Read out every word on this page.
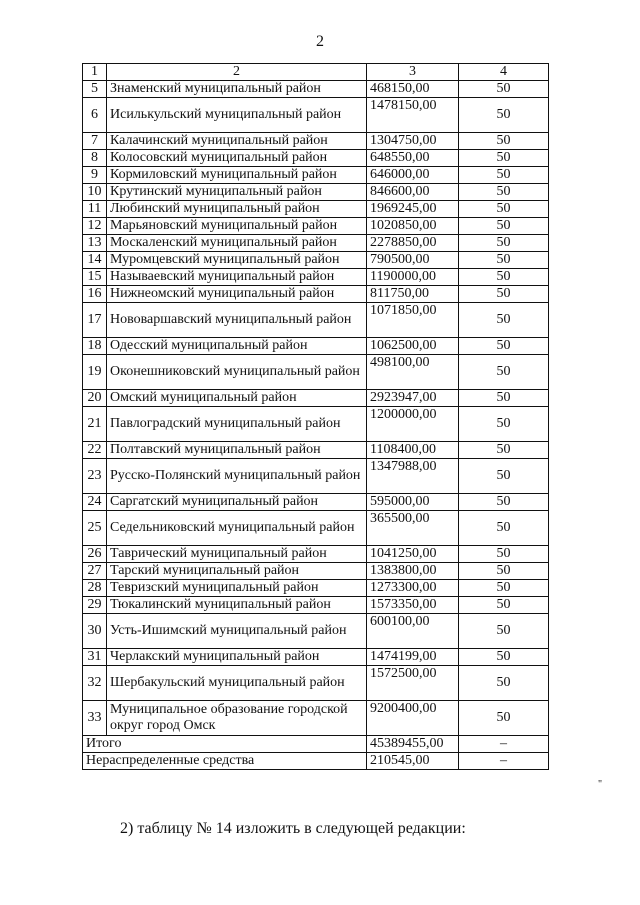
2
1	2	3	4
5	Знаменский муниципальный район	468150,00	50
6	Исилькульский муниципальный район	1478150,00	50
7	Калачинский муниципальный район	1304750,00	50
8	Колосовский муниципальный район	648550,00	50
9	Кормиловский муниципальный район	646000,00	50
10	Крутинский муниципальный район	846600,00	50
11	Любинский муниципальный район	1969245,00	50
12	Марьяновский муниципальный район	1020850,00	50
13	Москаленский муниципальный район	2278850,00	50
14	Муромцевский муниципальный район	790500,00	50
15	Называевский муниципальный район	1190000,00	50
16	Нижнеомский муниципальный район	811750,00	50
17	Нововаршавский муниципальный район	1071850,00	50
18	Одесский муниципальный район	1062500,00	50
19	Оконешниковский муниципальный район	498100,00	50
20	Омский муниципальный район	2923947,00	50
21	Павлоградский муниципальный район	1200000,00	50
22	Полтавский муниципальный район	1108400,00	50
23	Русско-Полянский муниципальный район	1347988,00	50
24	Саргатский муниципальный район	595000,00	50
25	Седельниковский муниципальный район	365500,00	50
26	Таврический муниципальный район	1041250,00	50
27	Тарский муниципальный район	1383800,00	50
28	Тевризский муниципальный район	1273300,00	50
29	Тюкалинский муниципальный район	1573350,00	50
30	Усть-Ишимский муниципальный район	600100,00	50
31	Черлакский муниципальный район	1474199,00	50
32	Шербакульский муниципальный район	1572500,00	50
33	Муниципальное образование городской округ город Омск	9200400,00	50
Итого		45389455,00	–
Нераспределенные средства		210545,00	–
"
2) таблицу № 14 изложить в следующей редакции:
